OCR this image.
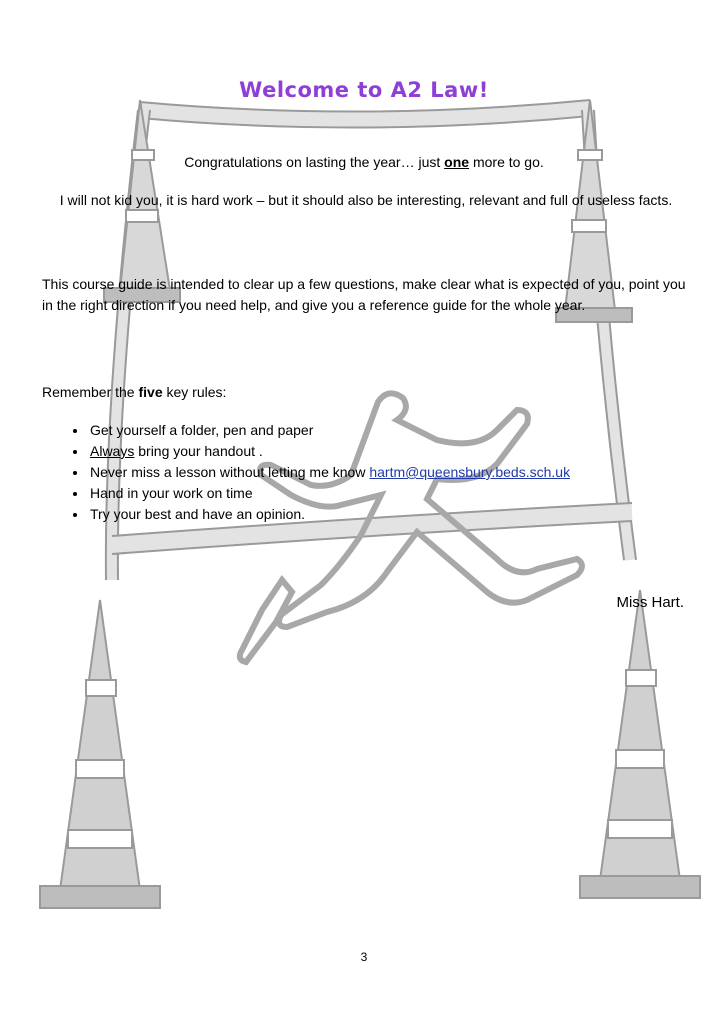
Welcome to A2 Law!
Congratulations on lasting the year… just one more to go.
I will not kid you, it is hard work – but it should also be interesting, relevant and full of useless facts.
This course guide is intended to clear up a few questions, make clear what is expected of you, point you in the right direction if you need help, and give you a reference guide for the whole year.
Remember the five key rules:
• Get yourself a folder, pen and paper
• Always bring your handout .
• Never miss a lesson without letting me know hartm@queensbury.beds.sch.uk
• Hand in your work on time
• Try your best and have an opinion.
Miss Hart.
3
